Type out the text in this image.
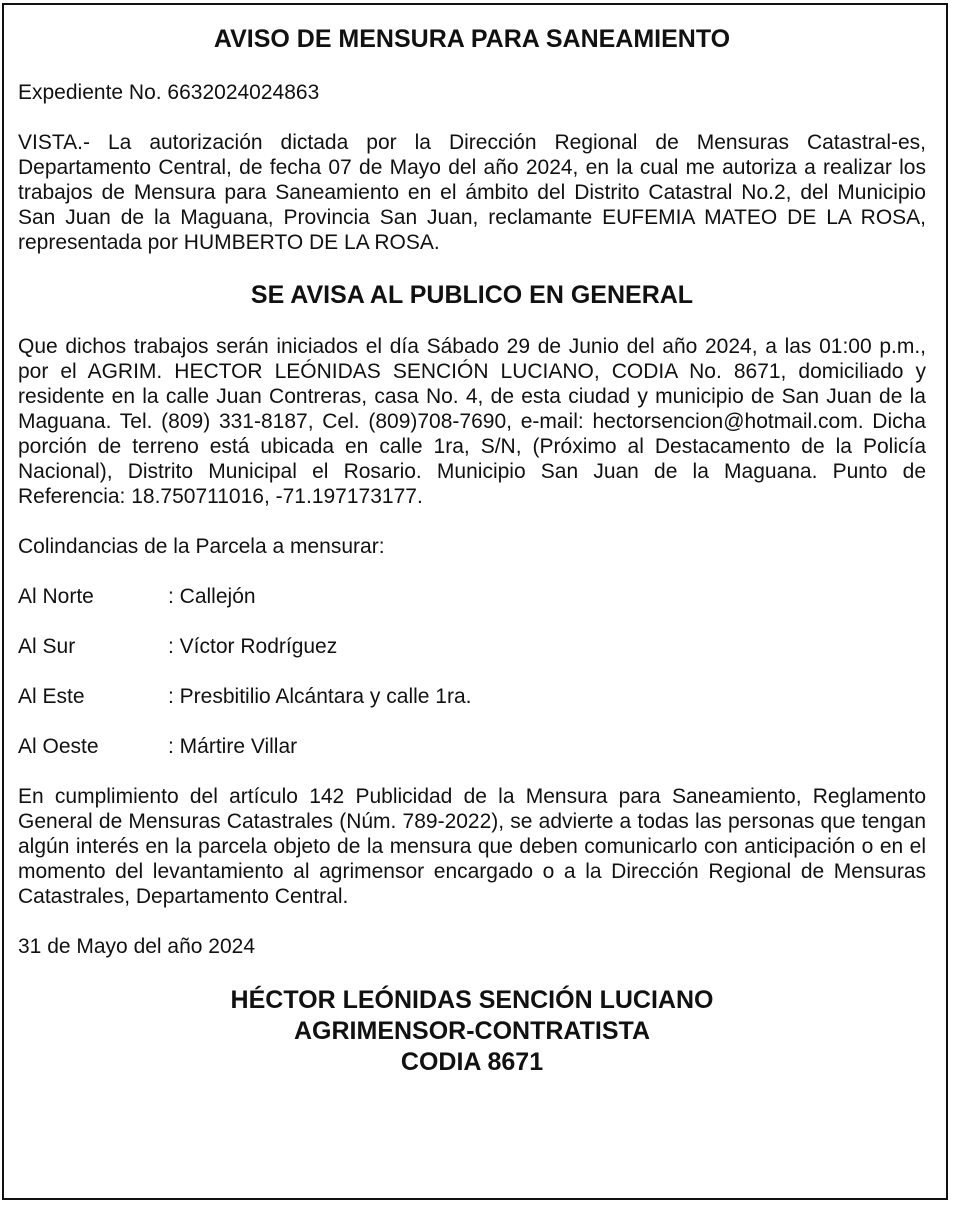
AVISO DE MENSURA PARA SANEAMIENTO

Expediente No. 6632024024863

VISTA.- La autorización dictada por la Dirección Regional de Mensuras Catastral-es, Departamento Central, de fecha 07 de Mayo del año 2024, en la cual me autoriza a realizar los trabajos de Mensura para Saneamiento en el ámbito del Distrito Catastral No.2, del Municipio San Juan de la Maguana, Provincia San Juan, reclamante EUFEMIA MATEO DE LA ROSA, representada por HUMBERTO DE LA ROSA.

SE AVISA AL PUBLICO EN GENERAL

Que dichos trabajos serán iniciados el día Sábado 29 de Junio del año 2024, a las 01:00 p.m., por el AGRIM. HECTOR LEÓNIDAS SENCIÓN LUCIANO, CODIA No. 8671, domiciliado y residente en la calle Juan Contreras, casa No. 4, de esta ciudad y municipio de San Juan de la Maguana. Tel. (809) 331-8187, Cel. (809)708-7690, e-mail: hectorsencion@hotmail.com. Dicha porción de terreno está ubicada en calle 1ra, S/N, (Próximo al Destacamento de la Policía Nacional), Distrito Municipal el Rosario. Municipio San Juan de la Maguana. Punto de Referencia: 18.750711016, -71.197173177.

Colindancias de la Parcela a mensurar:

Al Norte	: Callejón
Al Sur	: Víctor Rodríguez
Al Este	: Presbitilio Alcántara y calle 1ra.
Al Oeste	: Mártire Villar

En cumplimiento del artículo 142 Publicidad de la Mensura para Saneamiento, Reglamento General de Mensuras Catastrales (Núm. 789-2022), se advierte a todas las personas que tengan algún interés en la parcela objeto de la mensura que deben comunicarlo con anticipación o en el momento del levantamiento al agrimensor encargado o a la Dirección Regional de Mensuras Catastrales, Departamento Central.

31 de Mayo del año 2024

HÉCTOR LEÓNIDAS SENCIÓN LUCIANO

AGRIMENSOR-CONTRATISTA

CODIA 8671
